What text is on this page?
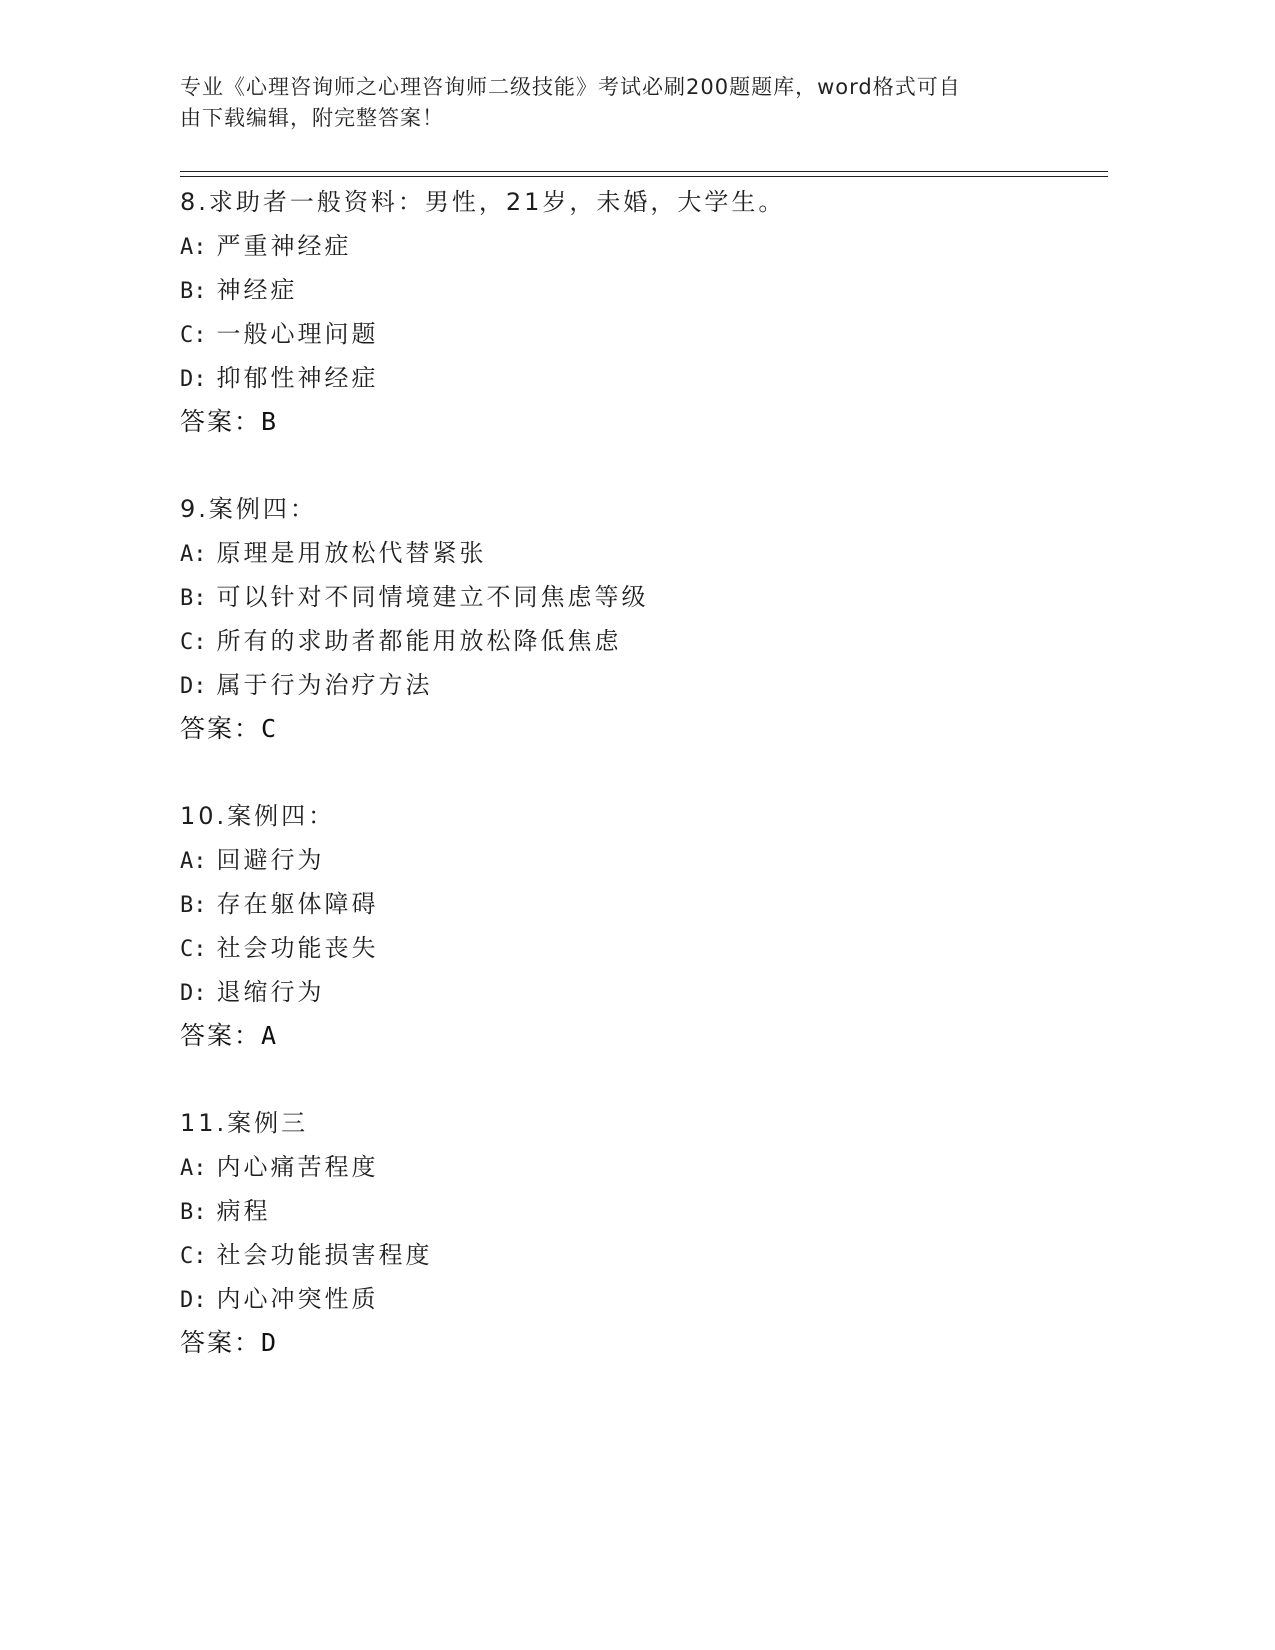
专业《心理咨询师之心理咨询师二级技能》考试必刷200题题库，word格式可自
由下载编辑，附完整答案！
8.求助者一般资料：男性，21岁，未婚，大学生。
A: 严重神经症
B: 神经症
C: 一般心理问题
D: 抑郁性神经症
答案：B
9.案例四：
A: 原理是用放松代替紧张
B: 可以针对不同情境建立不同焦虑等级
C: 所有的求助者都能用放松降低焦虑
D: 属于行为治疗方法
答案：C
10.案例四：
A: 回避行为
B: 存在躯体障碍
C: 社会功能丧失
D: 退缩行为
答案：A
11.案例三
A: 内心痛苦程度
B: 病程
C: 社会功能损害程度
D: 内心冲突性质
答案：D
